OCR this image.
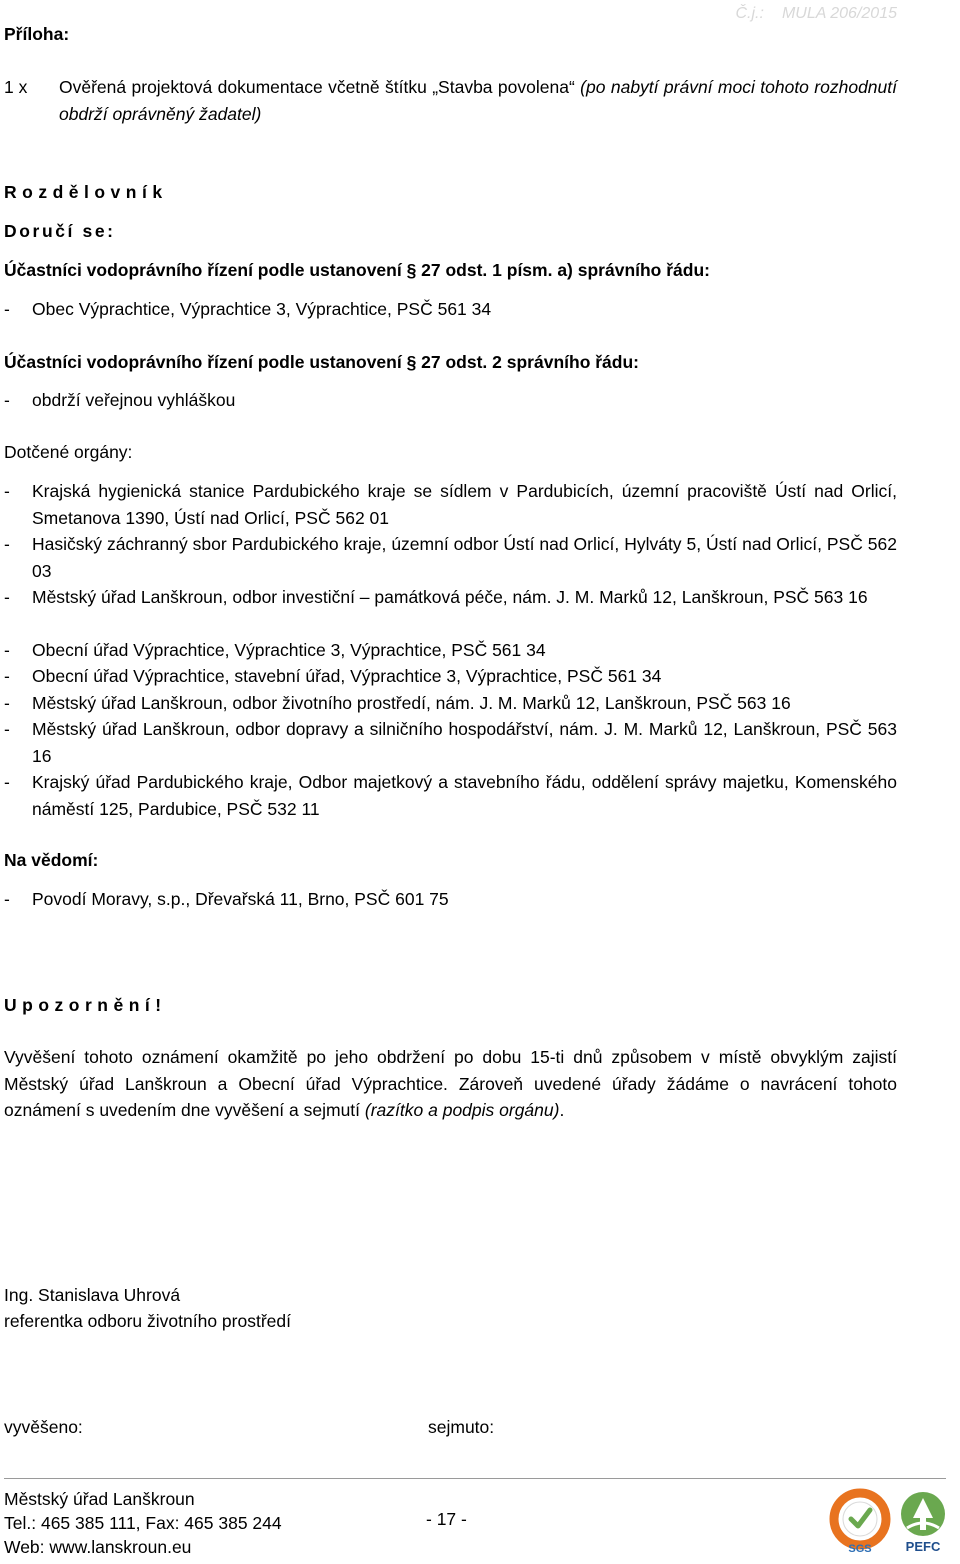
Č.j.: MULA 206/2015
Příloha:
1 x Ověřená projektová dokumentace včetně štítku „Stavba povolena“ (po nabytí právní moci tohoto rozhodnutí obdrží oprávněný žadatel)
Rozdělovník
Doručí se:
Účastníci vodoprávního řízení podle ustanovení § 27 odst. 1 písm. a) správního řádu:
- Obec Výprachtice, Výprachtice 3, Výprachtice, PSČ 561 34
Účastníci vodoprávního řízení podle ustanovení § 27 odst. 2 správního řádu:
- obdrží veřejnou vyhláškou
Dotčené orgány:
- Krajská hygienická stanice Pardubického kraje se sídlem v Pardubicích, územní pracoviště Ústí nad Orlicí, Smetanova 1390, Ústí nad Orlicí, PSČ 562 01
- Hasičský záchranný sbor Pardubického kraje, územní odbor Ústí nad Orlicí, Hylváty 5, Ústí nad Orlicí, PSČ 562 03
- Městský úřad Lanškroun, odbor investiční – památková péče, nám. J. M. Marků 12, Lanškroun, PSČ 563 16
- Obecní úřad Výprachtice, Výprachtice 3, Výprachtice, PSČ 561 34
- Obecní úřad Výprachtice, stavební úřad, Výprachtice 3, Výprachtice, PSČ 561 34
- Městský úřad Lanškroun, odbor životního prostředí, nám. J. M. Marků 12, Lanškroun, PSČ 563 16
- Městský úřad Lanškroun, odbor dopravy a silničního hospodářství, nám. J. M. Marků 12, Lanškroun, PSČ 563 16
- Krajský úřad Pardubického kraje, Odbor majetkový a stavebního řádu, oddělení správy majetku, Komenského náměstí 125, Pardubice, PSČ 532 11
Na vědomí:
- Povodí Moravy, s.p., Dřevařská 11, Brno, PSČ 601 75
Upozornění!
Vyvěšení tohoto oznámení okamžitě po jeho obdržení po dobu 15-ti dnů způsobem v místě obvyklým zajistí Městský úřad Lanškroun a Obecní úřad Výprachtice. Zároveň uvedené úřady žádáme o navrácení tohoto oznámení s uvedením dne vyvěšení a sejmutí (razítko a podpis orgánu).
Ing. Stanislava Uhrová
referentka odboru životního prostředí
vyvěšeno:	sejmuto:
Městský úřad Lanškroun
Tel.: 465 385 111, Fax: 465 385 244
Web: www.lanskroun.eu
- 17 -
SGS	PEFC
